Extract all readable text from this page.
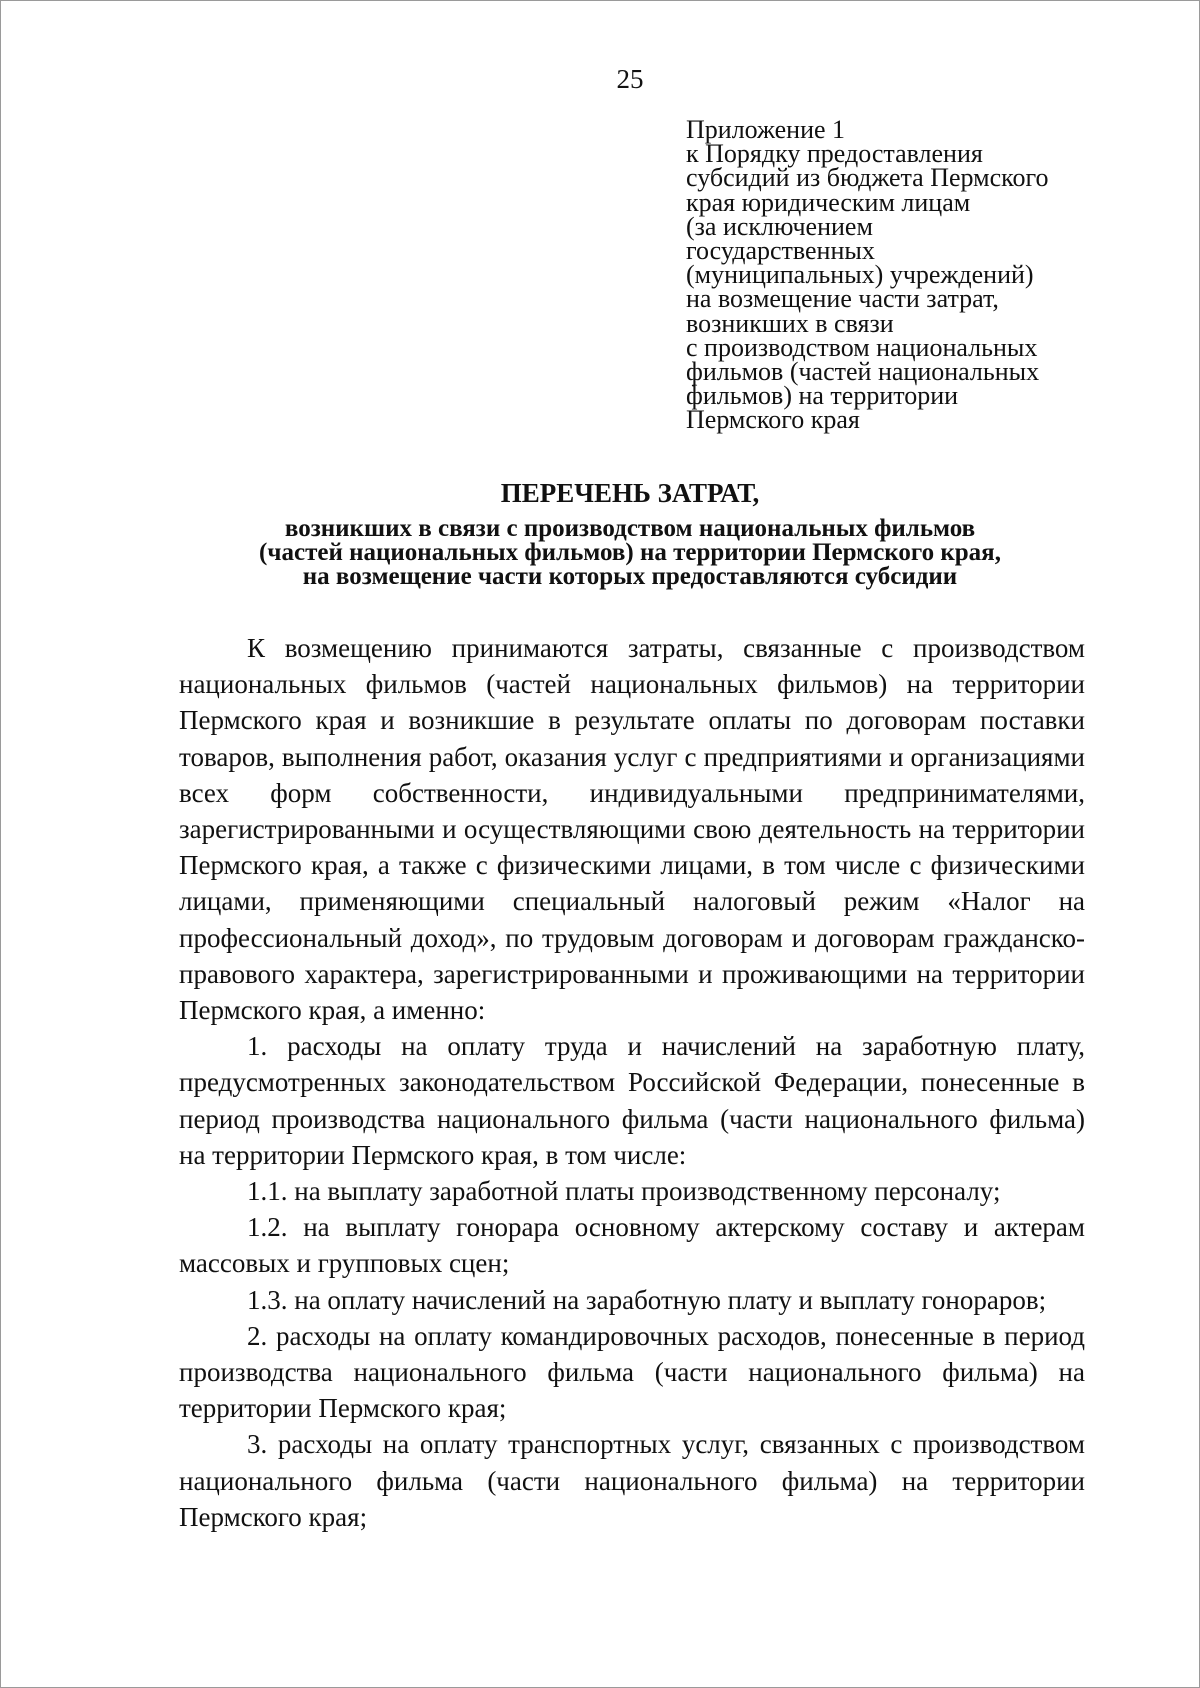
25
Приложение 1
к Порядку предоставления
субсидий из бюджета Пермского
края юридическим лицам
(за исключением
государственных
(муниципальных) учреждений)
на возмещение части затрат,
возникших в связи
с производством национальных
фильмов (частей национальных
фильмов) на территории
Пермского края
ПЕРЕЧЕНЬ ЗАТРАТ,
возникших в связи с производством национальных фильмов
(частей национальных фильмов) на территории Пермского края,
на возмещение части которых предоставляются субсидии

К возмещению принимаются затраты, связанные с производством национальных фильмов (частей национальных фильмов) на территории Пермского края и возникшие в результате оплаты по договорам поставки товаров, выполнения работ, оказания услуг с предприятиями и организациями всех форм собственности, индивидуальными предпринимателями, зарегистрированными и осуществляющими свою деятельность на территории Пермского края, а также с физическими лицами, в том числе с физическими лицами, применяющими специальный налоговый режим «Налог на профессиональный доход», по трудовым договорам и договорам гражданско-правового характера, зарегистрированными и проживающими на территории Пермского края, а именно:

1. расходы на оплату труда и начислений на заработную плату, предусмотренных законодательством Российской Федерации, понесенные в период производства национального фильма (части национального фильма) на территории Пермского края, в том числе:

1.1. на выплату заработной платы производственному персоналу;

1.2. на выплату гонорара основному актерскому составу и актерам массовых и групповых сцен;

1.3. на оплату начислений на заработную плату и выплату гонораров;

2. расходы на оплату командировочных расходов, понесенные в период производства национального фильма (части национального фильма) на территории Пермского края;

3. расходы на оплату транспортных услуг, связанных с производством национального фильма (части национального фильма) на территории Пермского края;
